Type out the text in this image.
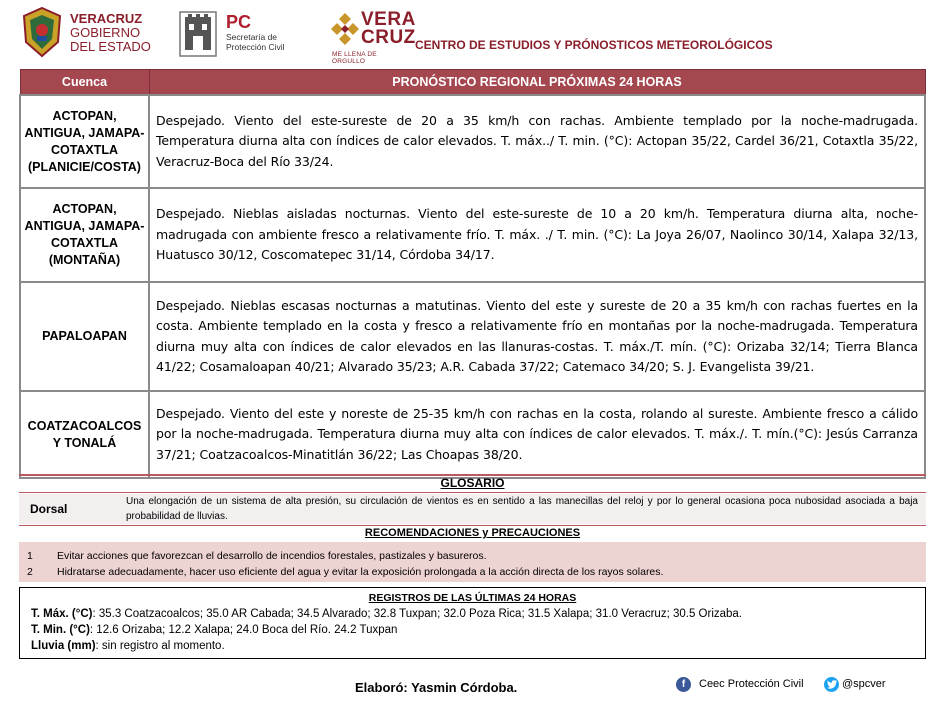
VERACRUZ
GOBIERNO
DEL ESTADO
PC
Secretaría de
Protección Civil
VERA
CRUZ
ME LLENA DE ORGULLO
CENTRO DE ESTUDIOS Y PRÓNOSTICOS METEOROLÓGICOS
Cuenca	PRONÓSTICO REGIONAL PRÓXIMAS 24 HORAS
ACTOPAN, ANTIGUA, JAMAPA-COTAXTLA (PLANICIE/COSTA)	Despejado. Viento del este-sureste de 20 a 35 km/h con rachas. Ambiente templado por la noche-madrugada. Temperatura diurna alta con índices de calor elevados. T. máx../ T. min. (°C): Actopan 35/22, Cardel 36/21, Cotaxtla 35/22, Veracruz-Boca del Río 33/24.
ACTOPAN, ANTIGUA, JAMAPA-COTAXTLA (MONTAÑA)	Despejado. Nieblas aisladas nocturnas. Viento del este-sureste de 10 a 20 km/h. Temperatura diurna alta, noche-madrugada con ambiente fresco a relativamente frío. T. máx. ./ T. min. (°C): La Joya 26/07, Naolinco 30/14, Xalapa 32/13, Huatusco 30/12, Coscomatepec 31/14, Córdoba 34/17.
PAPALOAPAN	Despejado. Nieblas escasas nocturnas a matutinas. Viento del este y sureste de 20 a 35 km/h con rachas fuertes en la costa. Ambiente templado en la costa y fresco a relativamente frío en montañas por la noche-madrugada. Temperatura diurna muy alta con índices de calor elevados en las llanuras-costas. T. máx./T. mín. (°C): Orizaba 32/14; Tierra Blanca 41/22; Cosamaloapan 40/21; Alvarado 35/23; A.R. Cabada 37/22; Catemaco 34/20; S. J. Evangelista 39/21.
COATZACOALCOS Y TONALÁ	Despejado. Viento del este y noreste de 25-35 km/h con rachas en la costa, rolando al sureste. Ambiente fresco a cálido por la noche-madrugada. Temperatura diurna muy alta con índices de calor elevados. T. máx./. T. mín.(°C): Jesús Carranza 37/21; Coatzacoalcos-Minatitlán 36/22; Las Choapas 38/20.
GLOSARIO
Dorsal
Una elongación de un sistema de alta presión, su circulación de vientos es en sentido a las manecillas del reloj y por lo general ocasiona poca nubosidad asociada a baja probabilidad de lluvias.
RECOMENDACIONES y PRECAUCIONES
1 Evitar acciones que favorezcan el desarrollo de incendios forestales, pastizales y basureros.
2 Hidratarse adecuadamente, hacer uso eficiente del agua y evitar la exposición prolongada a la acción directa de los rayos solares.
REGISTROS DE LAS ÚLTIMAS 24 HORAS
T. Máx. (°C): 35.3 Coatzacoalcos; 35.0 AR Cabada; 34.5 Alvarado; 32.8 Tuxpan; 32.0 Poza Rica; 31.5 Xalapa; 31.0 Veracruz; 30.5 Orizaba.
T. Min. (°C): 12.6 Orizaba; 12.2 Xalapa; 24.0 Boca del Río. 24.2 Tuxpan
Lluvia (mm): sin registro al momento.
Elaboró: Yasmin Córdoba.	f	Ceec Protección Civil	@spcver
